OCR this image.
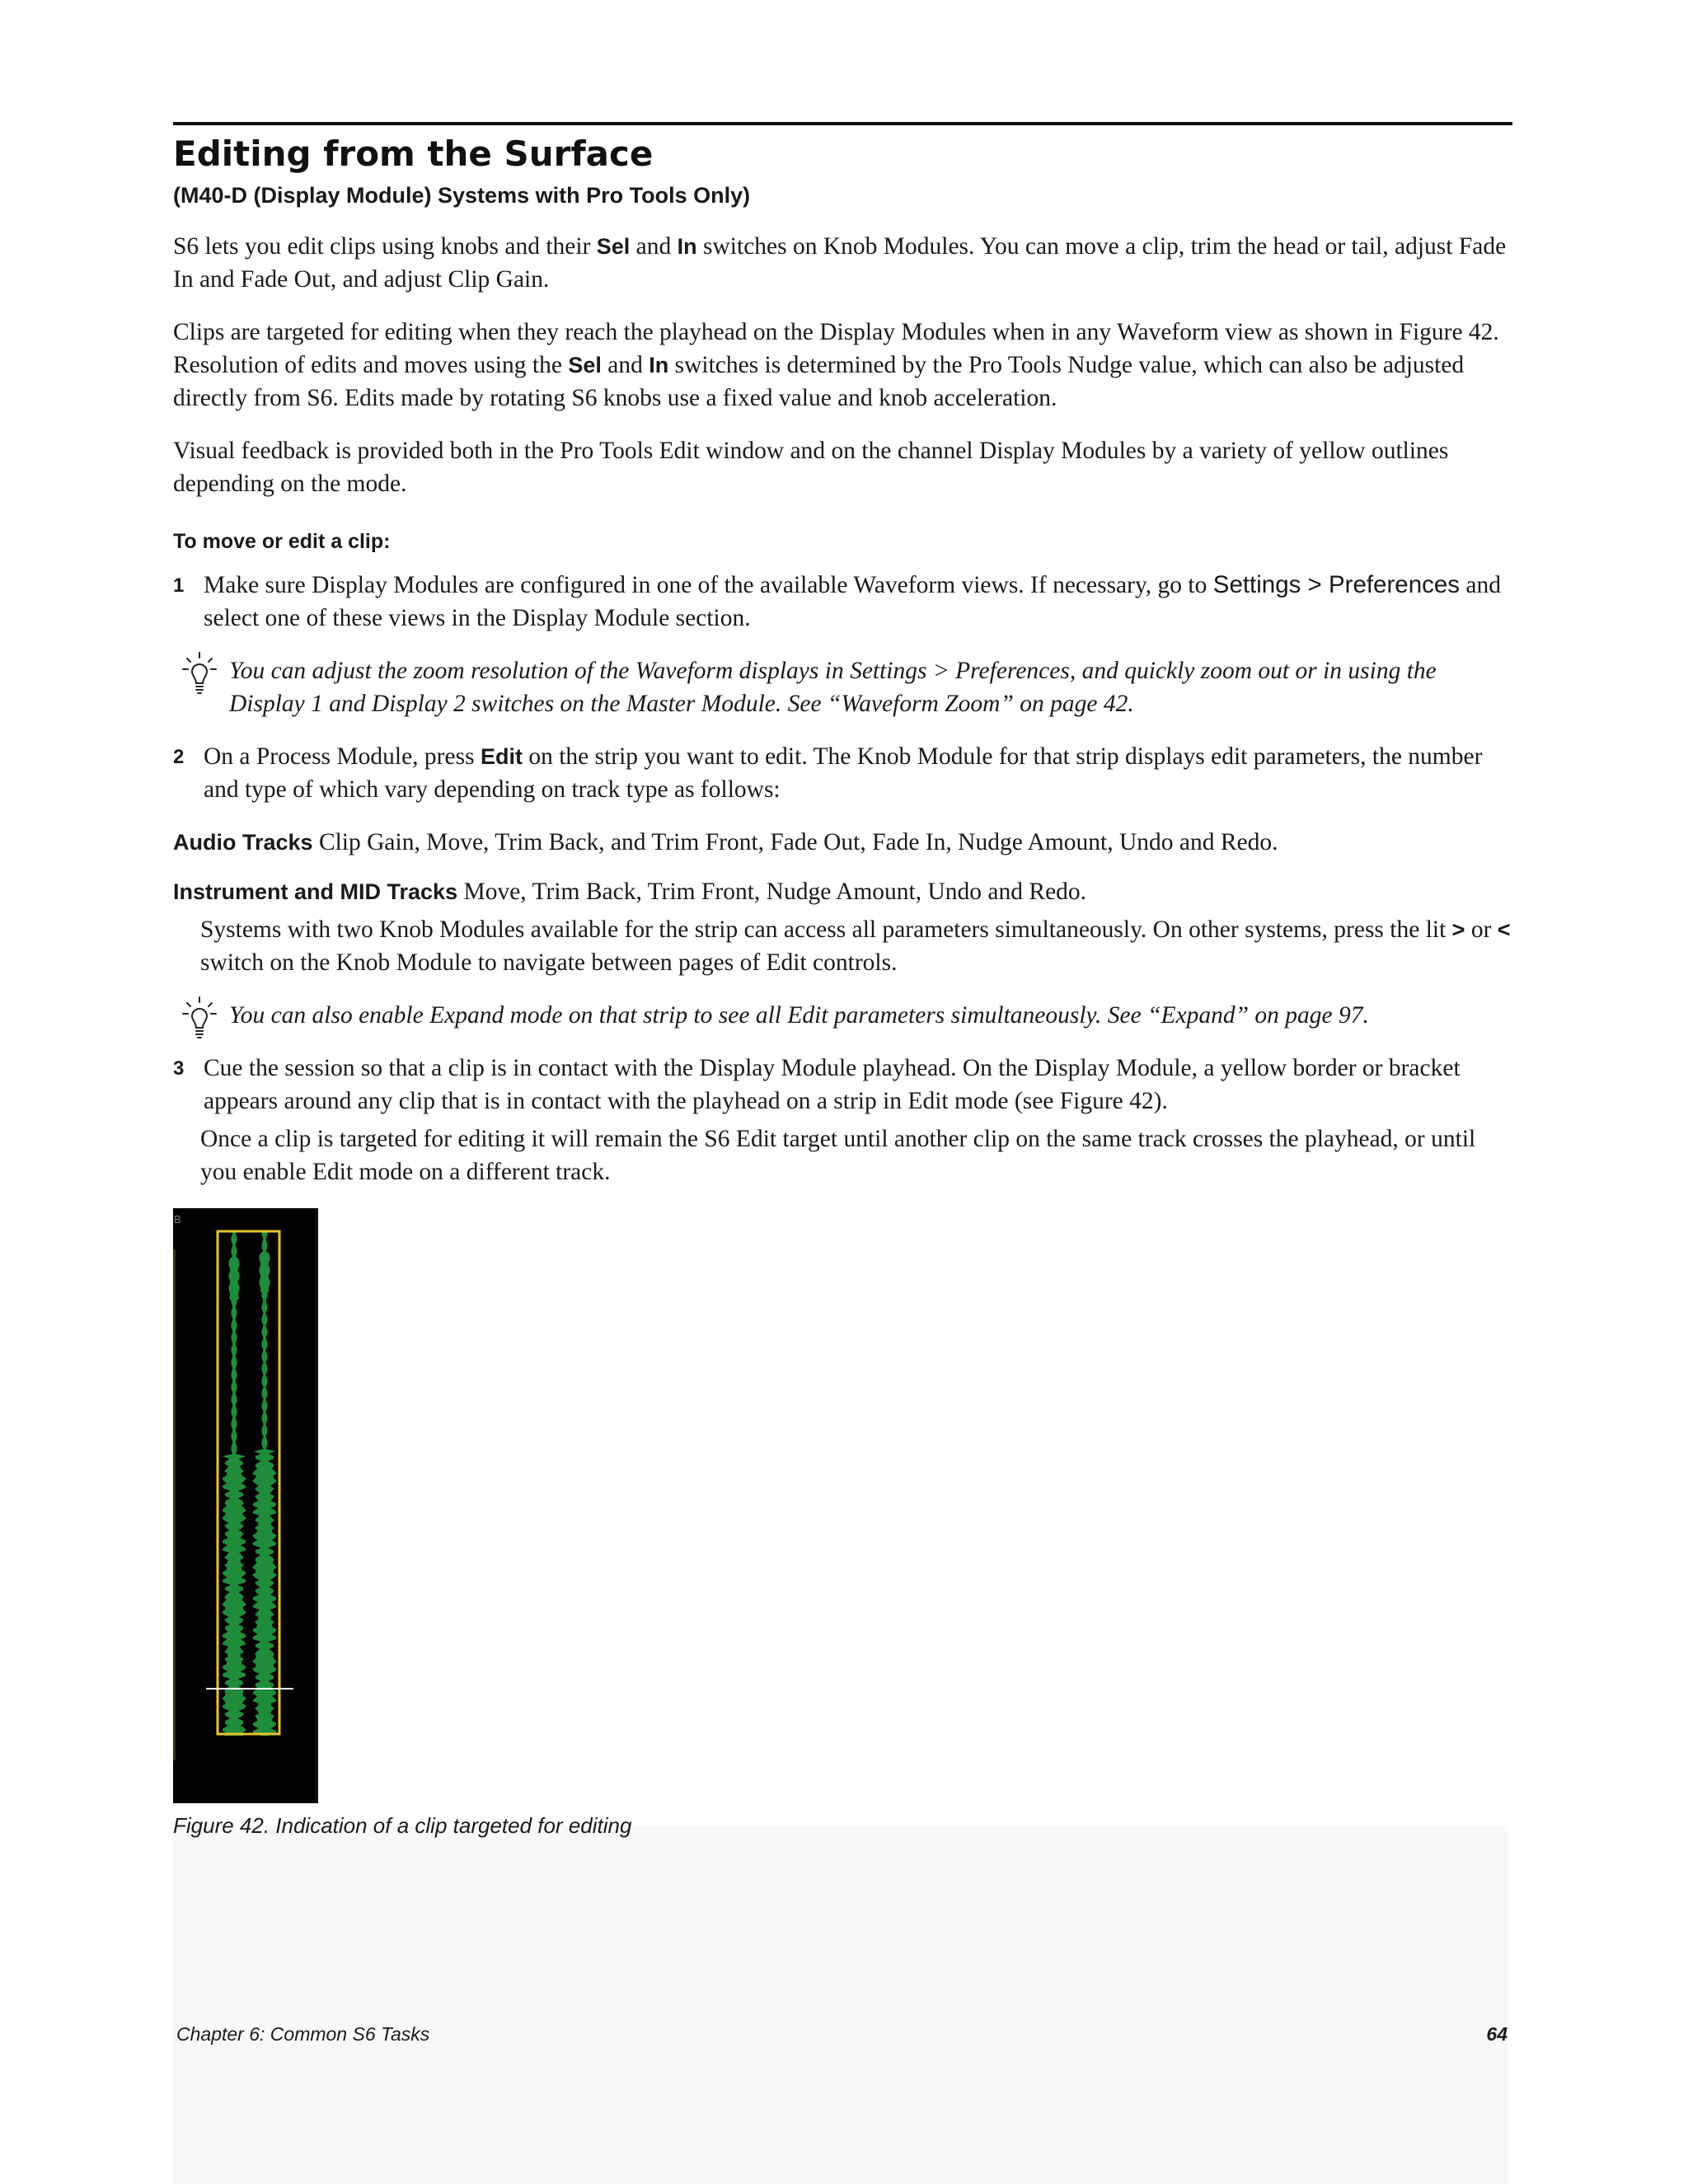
Editing from the Surface
(M40-D (Display Module) Systems with Pro Tools Only)

S6 lets you edit clips using knobs and their Sel and In switches on Knob Modules. You can move a clip, trim the head or tail, adjust Fade In and Fade Out, and adjust Clip Gain.

Clips are targeted for editing when they reach the playhead on the Display Modules when in any Waveform view as shown in Figure 42. Resolution of edits and moves using the Sel and In switches is determined by the Pro Tools Nudge value, which can also be adjusted directly from S6. Edits made by rotating S6 knobs use a fixed value and knob acceleration.

Visual feedback is provided both in the Pro Tools Edit window and on the channel Display Modules by a variety of yellow outlines depending on the mode.

To move or edit a clip:
1 Make sure Display Modules are configured in one of the available Waveform views. If necessary, go to Settings > Preferences and select one of these views in the Display Module section.
You can adjust the zoom resolution of the Waveform displays in Settings > Preferences, and quickly zoom out or in using the Display 1 and Display 2 switches on the Master Module. See “Waveform Zoom” on page 42.
2 On a Process Module, press Edit on the strip you want to edit. The Knob Module for that strip displays edit parameters, the number and type of which vary depending on track type as follows:

Audio Tracks Clip Gain, Move, Trim Back, and Trim Front, Fade Out, Fade In, Nudge Amount, Undo and Redo.

Instrument and MID Tracks Move, Trim Back, Trim Front, Nudge Amount, Undo and Redo.

Systems with two Knob Modules available for the strip can access all parameters simultaneously. On other systems, press the lit > or < switch on the Knob Module to navigate between pages of Edit controls.

You can also enable Expand mode on that strip to see all Edit parameters simultaneously. See “Expand” on page 97.
3 Cue the session so that a clip is in contact with the Display Module playhead. On the Display Module, a yellow border or bracket appears around any clip that is in contact with the playhead on a strip in Edit mode (see Figure 42).

Once a clip is targeted for editing it will remain the S6 Edit target until another clip on the same track crosses the playhead, or until you enable Edit mode on a different track.

B
Figure 42. Indication of a clip targeted for editing
Chapter 6: Common S6 Tasks	64
